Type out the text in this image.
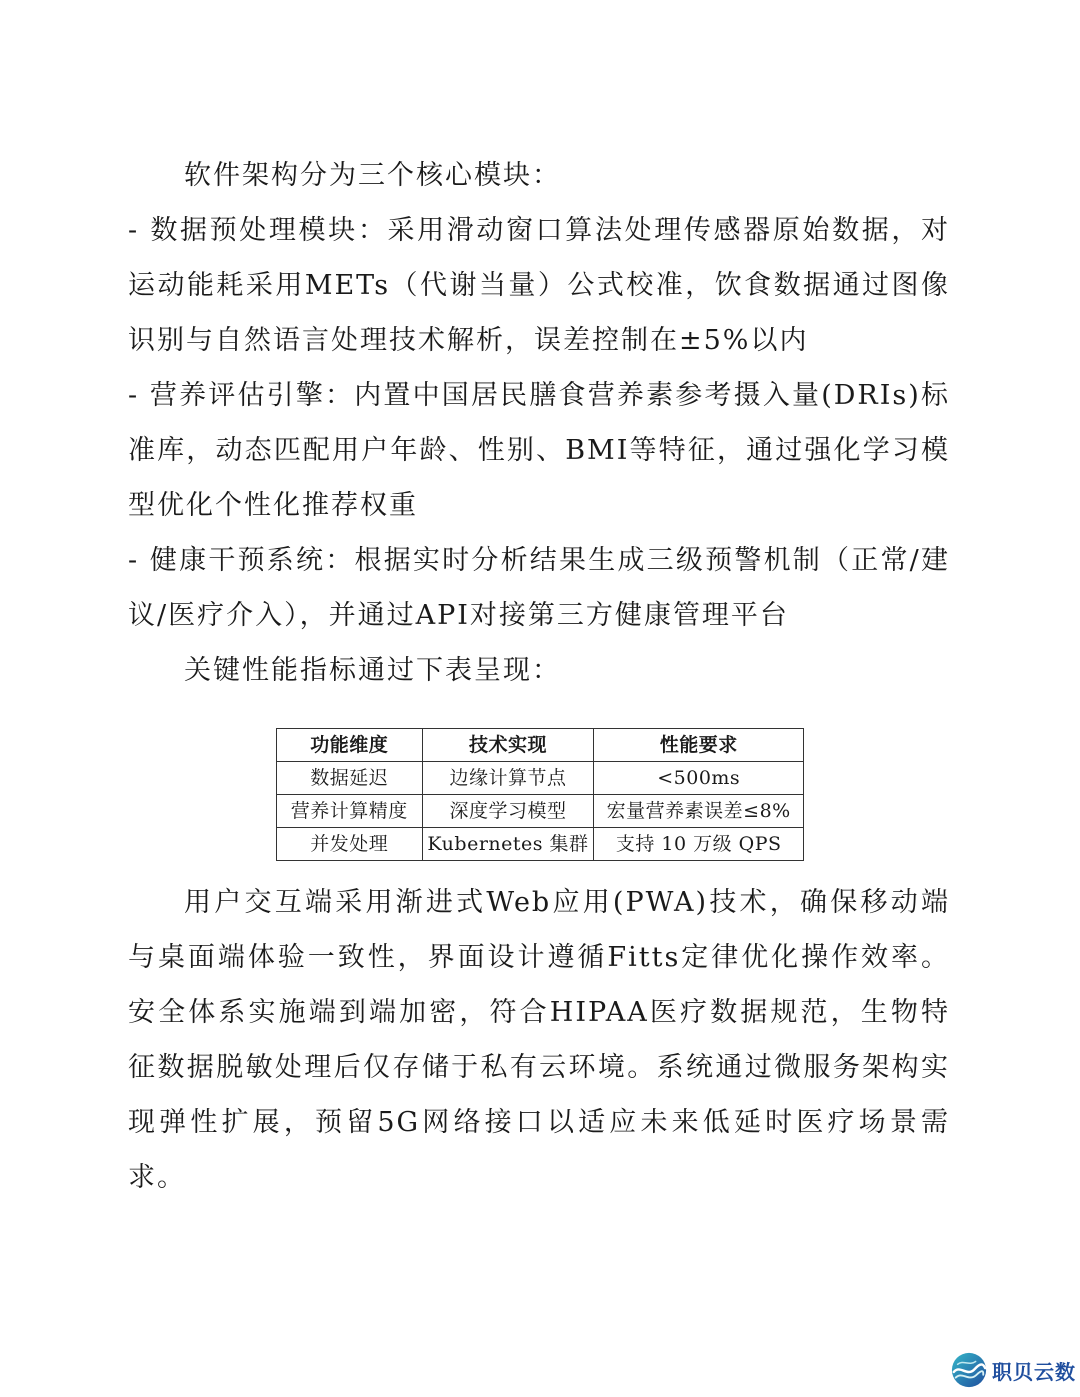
软件架构分为三个核心模块：

- 数据预处理模块：采用滑动窗口算法处理传感器原始数据，对运动能耗采用METs（代谢当量）公式校准，饮食数据通过图像识别与自然语言处理技术解析，误差控制在±5%以内

- 营养评估引擎：内置中国居民膳食营养素参考摄入量(DRIs)标准库，动态匹配用户年龄、性别、BMI等特征，通过强化学习模型优化个性化推荐权重

- 健康干预系统：根据实时分析结果生成三级预警机制（正常/建议/医疗介入），并通过API对接第三方健康管理平台

关键性能指标通过下表呈现：

功能维度	技术实现	性能要求
数据延迟	边缘计算节点	<500ms
营养计算精度	深度学习模型	宏量营养素误差≤8%
并发处理	Kubernetes 集群	支持 10 万级 QPS

用户交互端采用渐进式Web应用(PWA)技术，确保移动端与桌面端体验一致性，界面设计遵循Fitts定律优化操作效率。安全体系实施端到端加密，符合HIPAA医疗数据规范，生物特征数据脱敏处理后仅存储于私有云环境。系统通过微服务架构实现弹性扩展，预留5G网络接口以适应未来低延时医疗场景需求。

职贝云数
